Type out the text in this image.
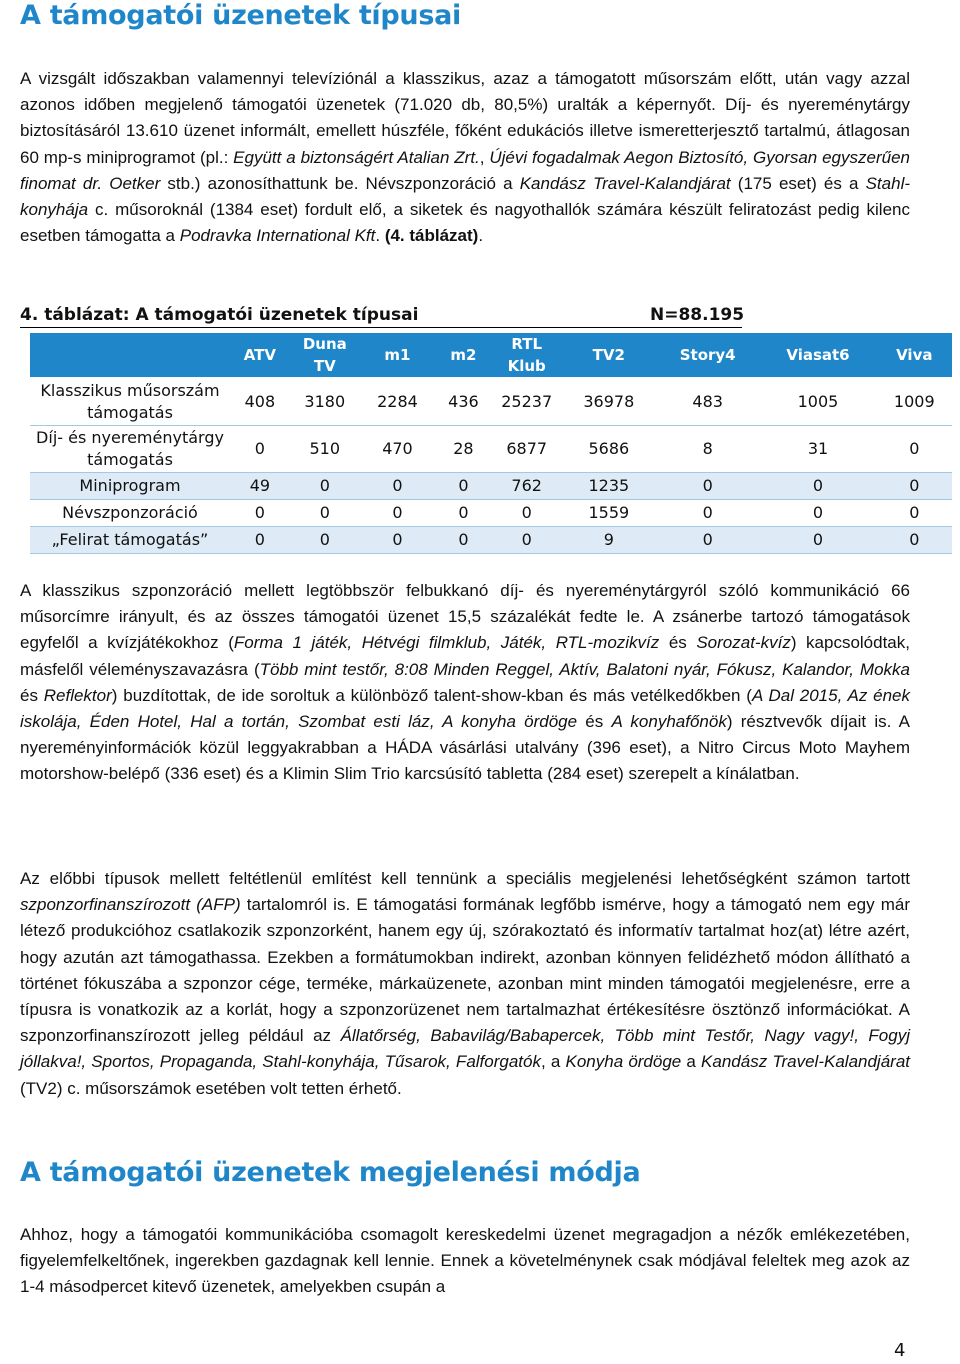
A támogatói üzenetek típusai

A vizsgált időszakban valamennyi televíziónál a klasszikus, azaz a támogatott műsorszám előtt, után vagy azzal azonos időben megjelenő támogatói üzenetek (71.020 db, 80,5%) uralták a képernyőt. Díj- és nyereménytárgy biztosításáról 13.610 üzenet informált, emellett húszféle, főként edukációs illetve ismeretterjesztő tartalmú, átlagosan 60 mp-s miniprogramot (pl.: Együtt a biztonságért Atalian Zrt., Újévi fogadalmak Aegon Biztosító, Gyorsan egyszerűen finomat dr. Oetker stb.) azonosíthattunk be. Névszponzoráció a Kandász Travel-Kalandjárat (175 eset) és a Stahl-konyhája c. műsoroknál (1384 eset) fordult elő, a siketek és nagyothallók számára készült feliratozást pedig kilenc esetben támogatta a Podravka International Kft. (4. táblázat).

4. táblázat: A támogatói üzenetek típusai	N=88.195
	ATV	Duna TV	m1	m2	RTL Klub	TV2	Story4	Viasat6	Viva
Klasszikus műsorszám támogatás	408	3180	2284	436	25237	36978	483	1005	1009
Díj- és nyereménytárgy támogatás	0	510	470	28	6877	5686	8	31	0
Miniprogram	49	0	0	0	762	1235	0	0	0
Névszponzoráció	0	0	0	0	0	1559	0	0	0
„Felirat támogatás”	0	0	0	0	0	9	0	0	0

A klasszikus szponzoráció mellett legtöbbször felbukkanó díj- és nyereménytárgyról szóló kommunikáció 66 műsorcímre irányult, és az összes támogatói üzenet 15,5 százalékát fedte le. A zsánerbe tartozó támogatások egyfelől a kvízjátékokhoz (Forma 1 játék, Hétvégi filmklub, Játék, RTL-mozikvíz és Sorozat-kvíz) kapcsolódtak, másfelől véleményszavazásra (Több mint testőr, 8:08 Minden Reggel, Aktív, Balatoni nyár, Fókusz, Kalandor, Mokka és Reflektor) buzdítottak, de ide soroltuk a különböző talent-show-kban és más vetélkedőkben (A Dal 2015, Az ének iskolája, Éden Hotel, Hal a tortán, Szombat esti láz, A konyha ördöge és A konyhafőnök) résztvevők díjait is. A nyereményinformációk közül leggyakrabban a HÁDA vásárlási utalvány (396 eset), a Nitro Circus Moto Mayhem motorshow-belépő (336 eset) és a Klimin Slim Trio karcsúsító tabletta (284 eset) szerepelt a kínálatban.

Az előbbi típusok mellett feltétlenül említést kell tennünk a speciális megjelenési lehetőségként számon tartott szponzorfinanszírozott (AFP) tartalomról is. E támogatási formának legfőbb ismérve, hogy a támogató nem egy már létező produkcióhoz csatlakozik szponzorként, hanem egy új, szórakoztató és informatív tartalmat hoz(at) létre azért, hogy azután azt támogathassa. Ezekben a formátumokban indirekt, azonban könnyen felidézhető módon állítható a történet fókuszába a szponzor cége, terméke, márkaüzenete, azonban mint minden támogatói megjelenésre, erre a típusra is vonatkozik az a korlát, hogy a szponzorüzenet nem tartalmazhat értékesítésre ösztönző információkat. A szponzorfinanszírozott jelleg például az Állatőrség, Babavilág/Babapercek, Több mint Testőr, Nagy vagy!, Fogyj jóllakva!, Sportos, Propaganda, Stahl-konyhája, Tűsarok, Falforgatók, a Konyha ördöge a Kandász Travel-Kalandjárat (TV2) c. műsorszámok esetében volt tetten érhető.

A támogatói üzenetek megjelenési módja

Ahhoz, hogy a támogatói kommunikációba csomagolt kereskedelmi üzenet megragadjon a nézők emlékezetében, figyelemfelkeltőnek, ingerekben gazdagnak kell lennie. Ennek a követelménynek csak módjával feleltek meg azok az 1-4 másodpercet kitevő üzenetek, amelyekben csupán a

4
